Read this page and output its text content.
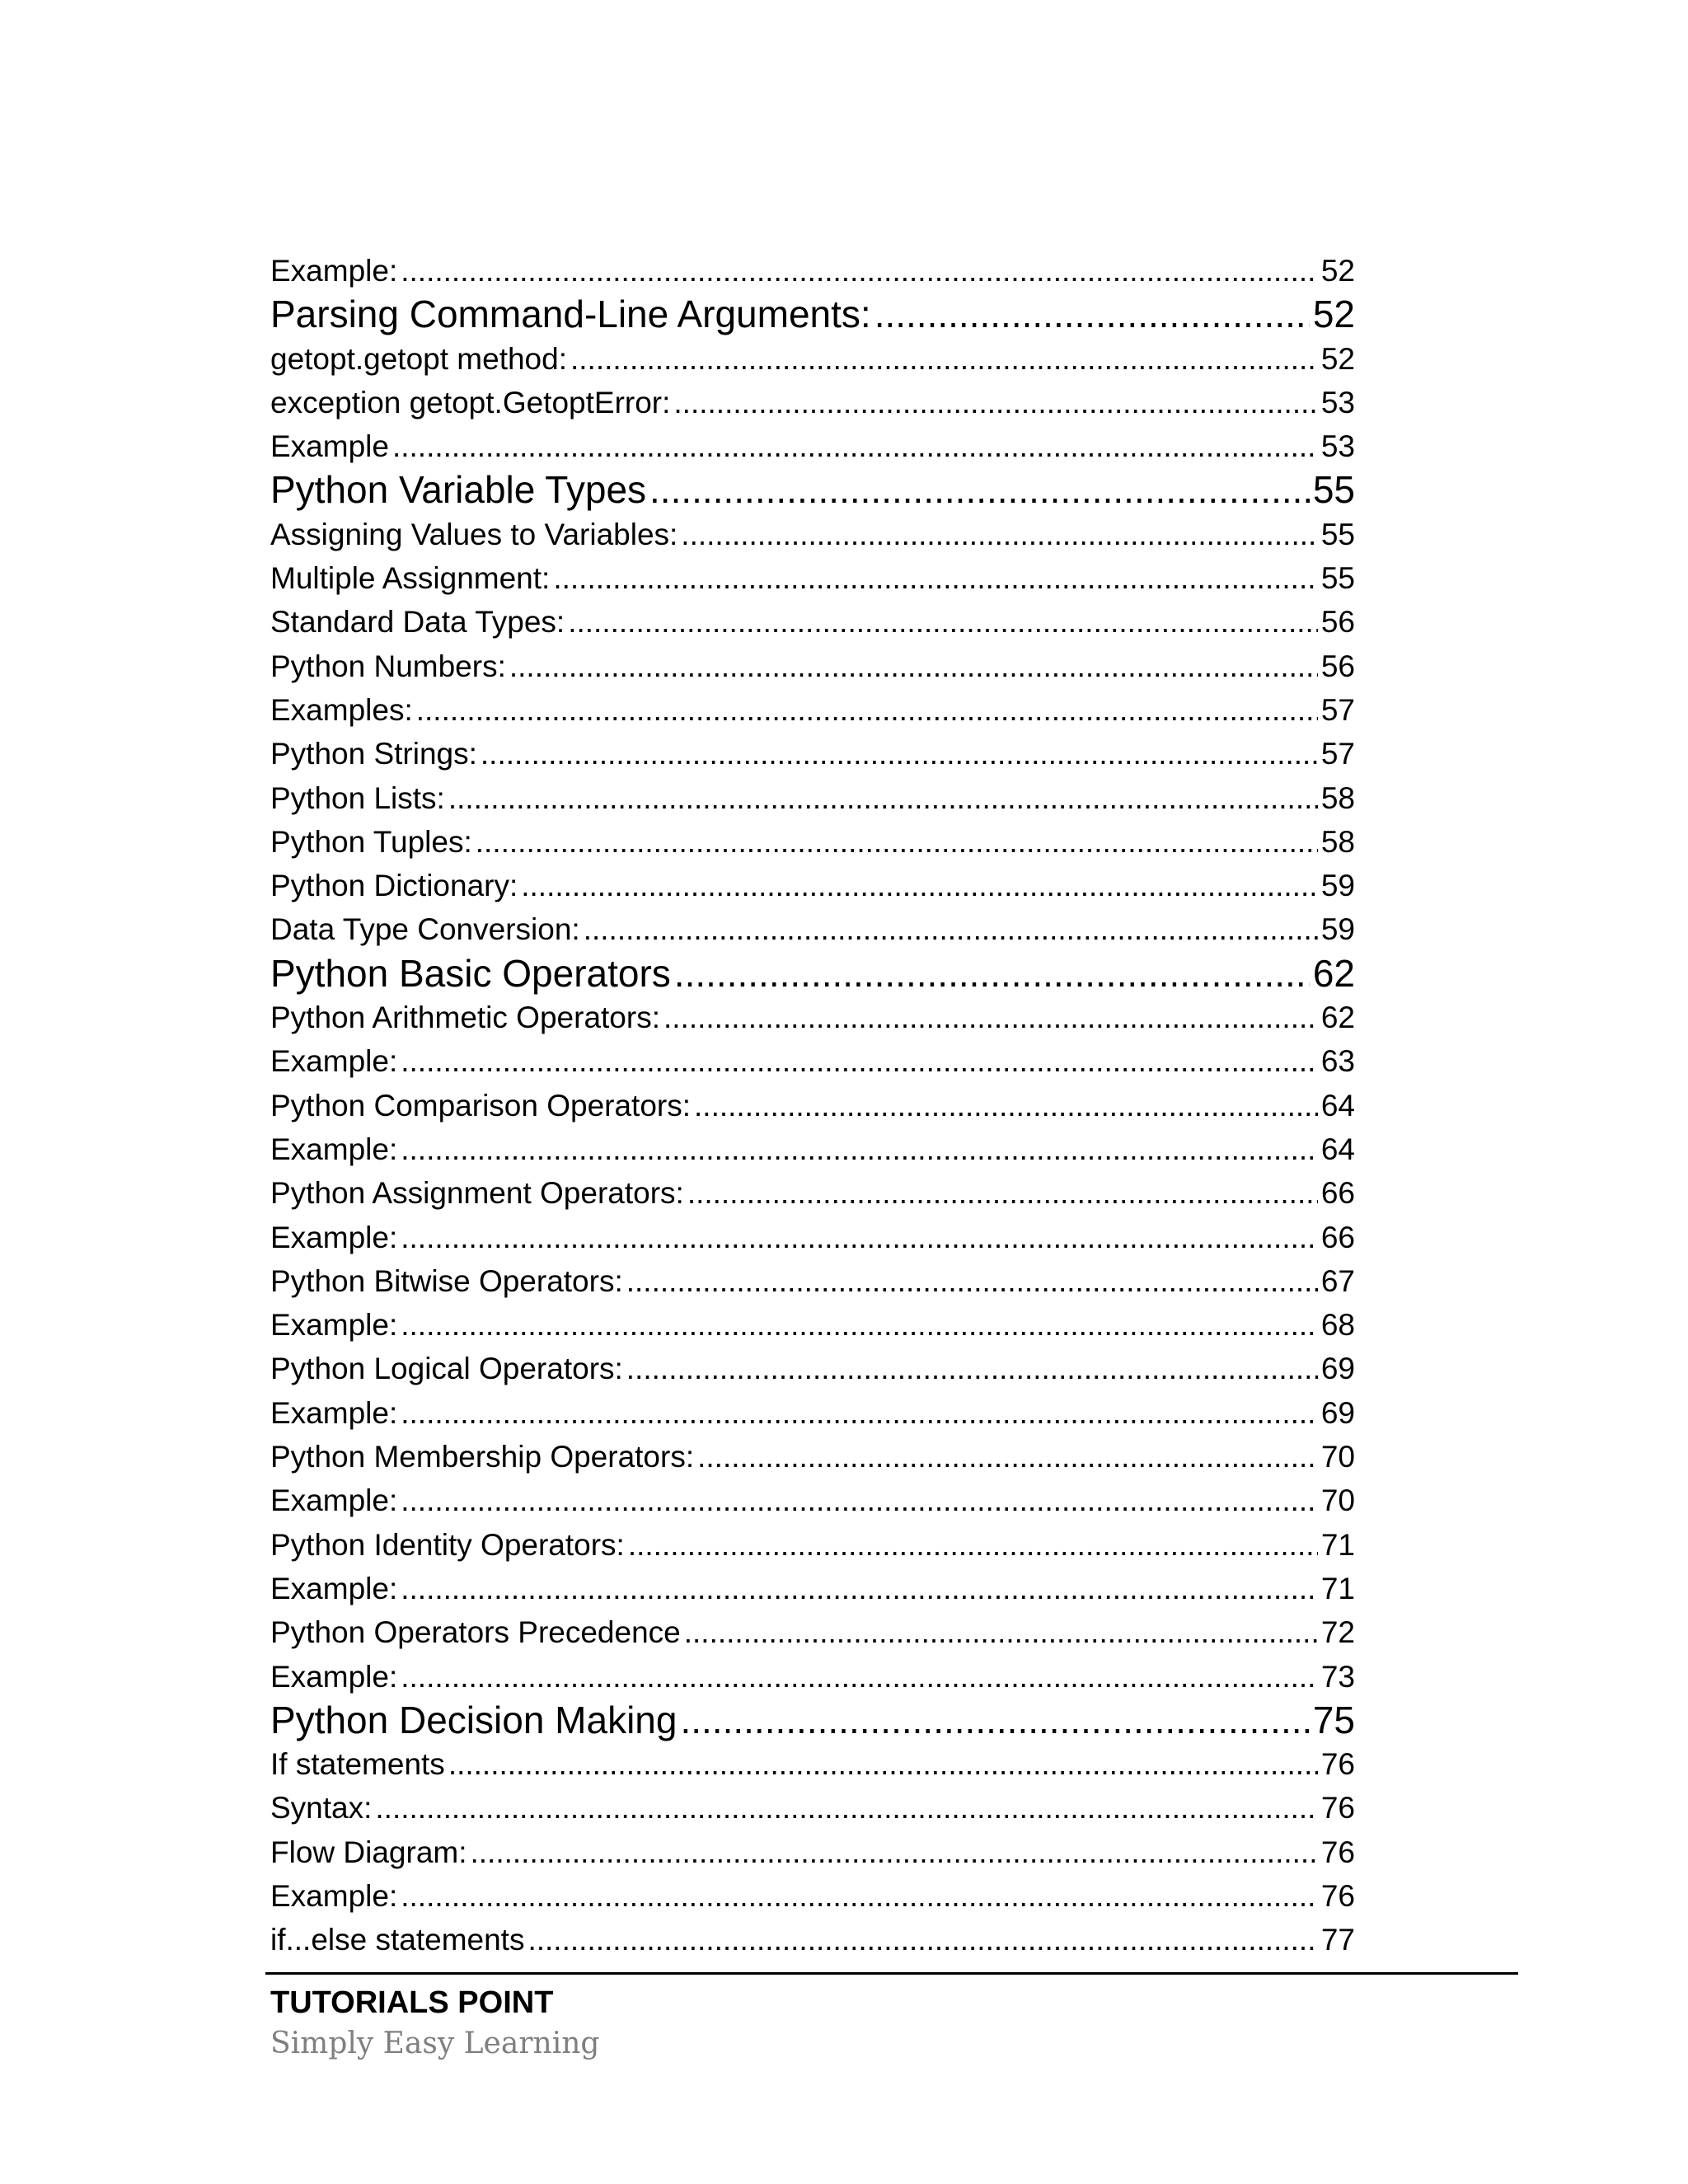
Example: .....	52
Parsing Command-Line Arguments: .....	52
getopt.getopt method: .....	52
exception getopt.GetoptError: .....	53
Example .....	53
Python Variable Types .....	55
Assigning Values to Variables: .....	55
Multiple Assignment: .....	55
Standard Data Types: .....	56
Python Numbers: .....	56
Examples: .....	57
Python Strings: .....	57
Python Lists: .....	58
Python Tuples: .....	58
Python Dictionary: .....	59
Data Type Conversion: .....	59
Python Basic Operators .....	62
Python Arithmetic Operators: .....	62
Example: .....	63
Python Comparison Operators: .....	64
Example: .....	64
Python Assignment Operators: .....	66
Example: .....	66
Python Bitwise Operators: .....	67
Example: .....	68
Python Logical Operators: .....	69
Example: .....	69
Python Membership Operators: .....	70
Example: .....	70
Python Identity Operators: .....	71
Example: .....	71
Python Operators Precedence .....	72
Example: .....	73
Python Decision Making .....	75
If statements .....	76
Syntax: .....	76
Flow Diagram: .....	76
Example: .....	76
if...else statements .....	77
TUTORIALS POINT
Simply Easy Learning
